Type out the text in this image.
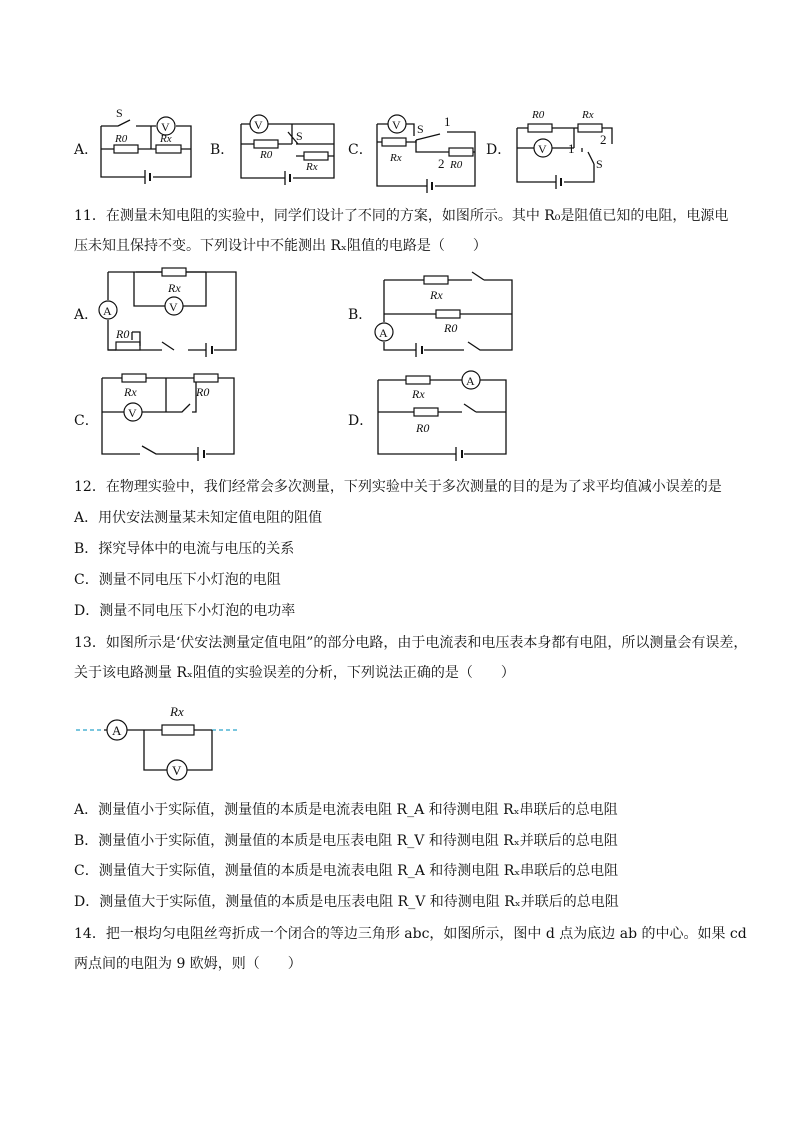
A．
S
V
R0	Rx
B．
V
S
R0
Rx
C．
V S 1
2
Rx
R0
D．
R0	Rx
V 1
2
S
11．在测量未知电阻的实验中，同学们设计了不同的方案，如图所示。其中 R₀是阻值已知的电阻，电源电
压未知且保持不变。下列设计中不能测出 Rₓ阻值的电路是（　　）
A．	V
A
Rx
R0
B．
A
Rx
R0
C． V
Rx	R0
D．
A
Rx
R0
12．在物理实验中，我们经常会多次测量，下列实验中关于多次测量的目的是为了求平均值减小误差的是
A．用伏安法测量某未知定值电阻的阻值
B．探究导体中的电流与电压的关系
C．测量不同电压下小灯泡的电阻
D．测量不同电压下小灯泡的电功率
13．如图所示是‘伏安法测量定值电阻”的部分电路，由于电流表和电压表本身都有电阻，所以测量会有误差，
关于该电路测量 Rₓ阻值的实验误差的分析，下列说法正确的是（　　）
A
V
Rx
A．测量值小于实际值，测量值的本质是电流表电阻 R_A 和待测电阻 Rₓ串联后的总电阻
B．测量值小于实际值，测量值的本质是电压表电阻 R_V 和待测电阻 Rₓ并联后的总电阻
C．测量值大于实际值，测量值的本质是电流表电阻 R_A 和待测电阻 Rₓ串联后的总电阻
D．测量值大于实际值，测量值的本质是电压表电阻 R_V 和待测电阻 Rₓ并联后的总电阻
14．把一根均匀电阻丝弯折成一个闭合的等边三角形 abc，如图所示，图中 d 点为底边 ab 的中心。如果 cd
两点间的电阻为 9 欧姆，则（　　）
